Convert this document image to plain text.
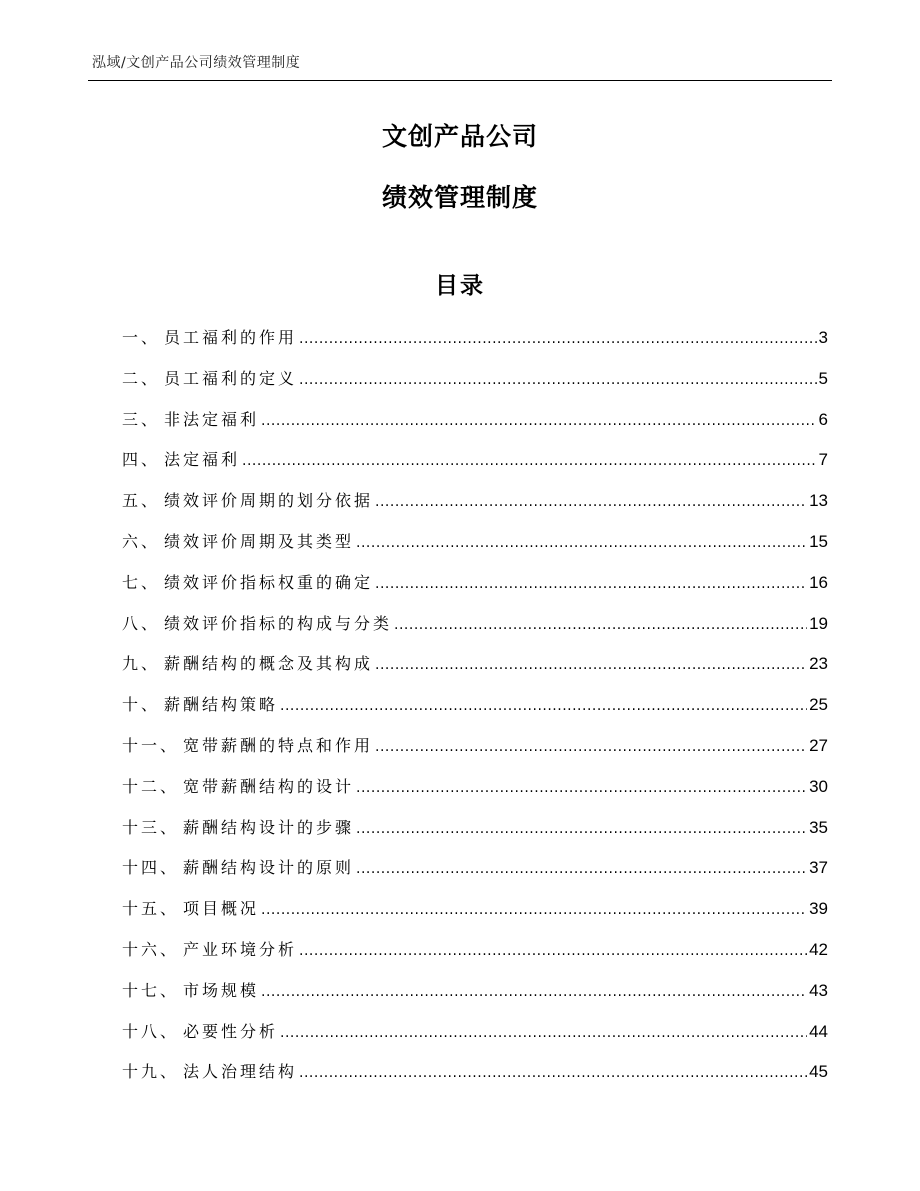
泓域/文创产品公司绩效管理制度
文创产品公司
绩效管理制度
目录
一、 员工福利的作用 .....	3
二、 员工福利的定义 .....	5
三、 非法定福利 .....	6
四、 法定福利 .....	7
五、 绩效评价周期的划分依据 .....	13
六、 绩效评价周期及其类型 .....	15
七、 绩效评价指标权重的确定 .....	16
八、 绩效评价指标的构成与分类 .....	19
九、 薪酬结构的概念及其构成 .....	23
十、 薪酬结构策略 .....	25
十一、 宽带薪酬的特点和作用 .....	27
十二、 宽带薪酬结构的设计 .....	30
十三、 薪酬结构设计的步骤 .....	35
十四、 薪酬结构设计的原则 .....	37
十五、 项目概况 .....	39
十六、 产业环境分析 .....	42
十七、 市场规模 .....	43
十八、 必要性分析 .....	44
十九、 法人治理结构 .....	45
